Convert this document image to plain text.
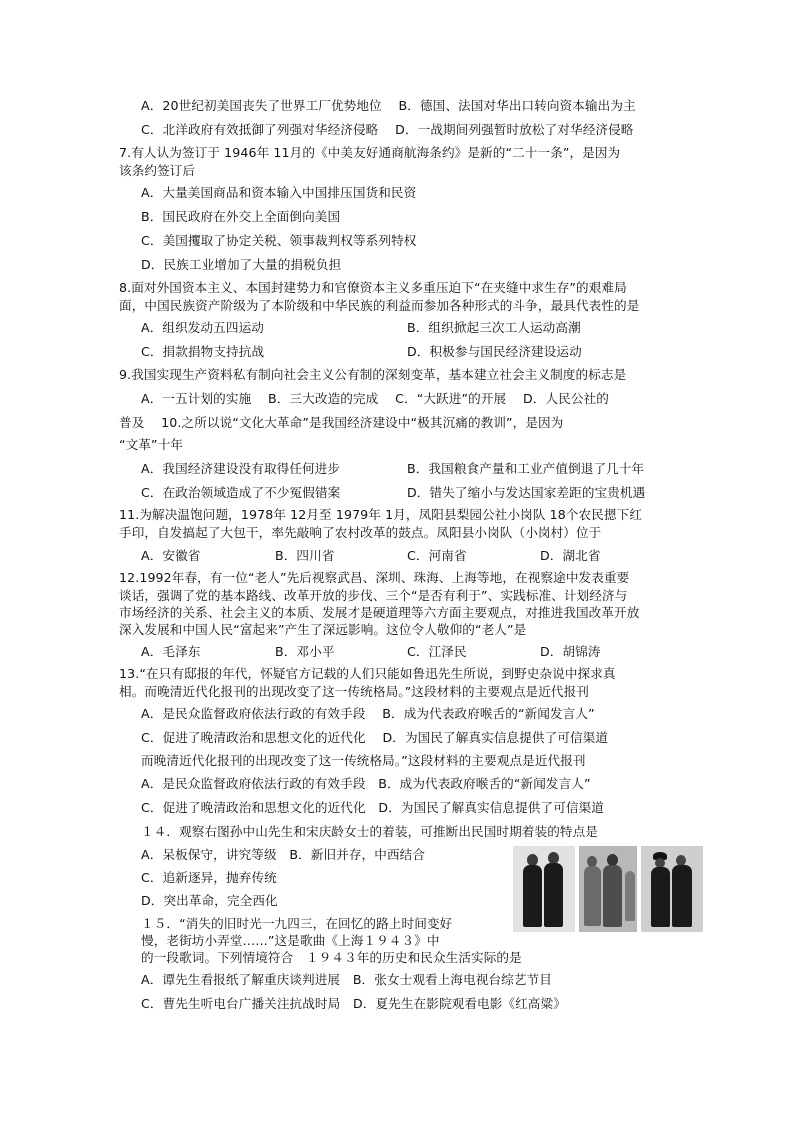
A．20世纪初美国丧失了世界工厂优势地位　 B．德国、法国对华出口转向资本输出为主
C．北洋政府有效抵御了列强对华经济侵略　 D．一战期间列强暂时放松了对华经济侵略
7.有人认为签订于 1946年 11月的《中美友好通商航海条约》是新的“二十一条”，是因为
该条约签订后
A．大量美国商品和资本输入中国排压国货和民资
B．国民政府在外交上全面倒向美国
C．美国攫取了协定关税、领事裁判权等系列特权
D．民族工业增加了大量的捐税负担
8.面对外国资本主义、本国封建势力和官僚资本主义多重压迫下“在夹缝中求生存”的艰难局
面，中国民族资产阶级为了本阶级和中华民族的利益而参加各种形式的斗争，最具代表性的是
A．组织发动五四运动	B．组织掀起三次工人运动高潮
C．捐款捐物支持抗战	D．积极参与国民经济建设运动
9.我国实现生产资料私有制向社会主义公有制的深刻变革，基本建立社会主义制度的标志是
A．一五计划的实施　 B．三大改造的完成　 C．“大跃进”的开展　 D．人民公社的
普及　 10.之所以说“文化大革命”是我国经济建设中“极其沉痛的教训”，是因为
“文革”十年
A．我国经济建设没有取得任何进步	B．我国粮食产量和工业产值倒退了几十年
C．在政治领域造成了不少冤假错案	D．错失了缩小与发达国家差距的宝贵机遇
11.为解决温饱问题，1978年 12月至 1979年 1月，凤阳县梨园公社小岗队 18个农民摁下红
手印，自发搞起了大包干，率先敲响了农村改革的鼓点。凤阳县小岗队（小岗村）位于
A．安徽省	B．四川省	C．河南省	D．湖北省
12.1992年春，有一位“老人”先后视察武昌、深圳、珠海、上海等地，在视察途中发表重要
谈话，强调了党的基本路线、改革开放的步伐、三个“是否有利于”、实践标准、计划经济与
市场经济的关系、社会主义的本质、发展才是硬道理等六方面主要观点，对推进我国改革开放
深入发展和中国人民“富起来”产生了深远影响。这位令人敬仰的“老人”是
A．毛泽东	B．邓小平	C．江泽民	D．胡锦涛
13.“在只有邸报的年代，怀疑官方记载的人们只能如鲁迅先生所说，到野史杂说中探求真
相。而晚清近代化报刊的出现改变了这一传统格局。”这段材料的主要观点是近代报刊
A．是民众监督政府依法行政的有效手段　 B．成为代表政府喉舌的“新闻发言人”
C．促进了晚清政治和思想文化的近代化　 D．为国民了解真实信息提供了可信渠道
而晚清近代化报刊的出现改变了这一传统格局。”这段材料的主要观点是近代报刊
A．是民众监督政府依法行政的有效手段　B．成为代表政府喉舌的“新闻发言人”
C．促进了晚清政治和思想文化的近代化　D．为国民了解真实信息提供了可信渠道
１４．观察右图孙中山先生和宋庆龄女士的着装，可推断出民国时期着装的特点是
A．呆板保守，讲究等级　B．新旧并存，中西结合
C．追新逐异，抛弃传统
D．突出革命，完全西化
１５．“消失的旧时光一九四三，在回忆的路上时间变好
慢，老街坊小弄堂……”这是歌曲《上海１９４３》中
的一段歌词。下列情境符合　１９４３年的历史和民众生活实际的是
A．谭先生看报纸了解重庆谈判进展　B．张女士观看上海电视台综艺节目
C．曹先生听电台广播关注抗战时局　D．夏先生在影院观看电影《红高粱》
